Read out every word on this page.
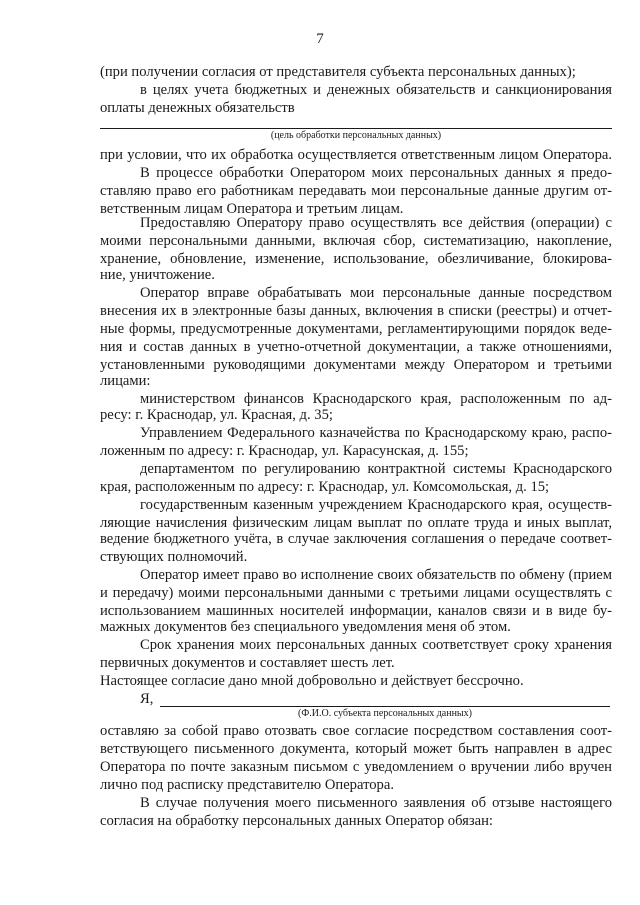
7
(при получении согласия от представителя субъекта персональных данных);
в целях учета бюджетных и денежных обязательств и санкционирования
оплаты денежных обязательств
(цель обработки персональных данных)
при условии, что их обработка осуществляется ответственным лицом Оператора.
В процессе обработки Оператором моих персональных данных я предо-
ставляю право его работникам передавать мои персональные данные другим от-
ветственным лицам Оператора и третьим лицам.
Предоставляю Оператору право осуществлять все действия (операции) с
моими персональными данными, включая сбор, систематизацию, накопление,
хранение, обновление, изменение, использование, обезличивание, блокирова-
ние, уничтожение.
Оператор вправе обрабатывать мои персональные данные посредством
внесения их в электронные базы данных, включения в списки (реестры) и отчет-
ные формы, предусмотренные документами, регламентирующими порядок веде-
ния и состав данных в учетно-отчетной документации, а также отношениями,
установленными руководящими документами между Оператором и третьими
лицами:
министерством финансов Краснодарского края, расположенным по ад-
ресу: г. Краснодар, ул. Красная, д. 35;
Управлением Федерального казначейства по Краснодарскому краю, распо-
ложенным по адресу: г. Краснодар, ул. Карасунская, д. 155;
департаментом по регулированию контрактной системы Краснодарского
края, расположенным по адресу: г. Краснодар, ул. Комсомольская, д. 15;
государственным казенным учреждением Краснодарского края, осуществ-
ляющие начисления физическим лицам выплат по оплате труда и иных выплат,
ведение бюджетного учёта, в случае заключения соглашения о передаче соответ-
ствующих полномочий.
Оператор имеет право во исполнение своих обязательств по обмену (прием
и передачу) моими персональными данными с третьими лицами осуществлять с
использованием машинных носителей информации, каналов связи и в виде бу-
мажных документов без специального уведомления меня об этом.
Срок хранения моих персональных данных соответствует сроку хранения
первичных документов и составляет шесть лет.
Настоящее согласие дано мной добровольно и действует бессрочно.
Я,
(Ф.И.О. субъекта персональных данных)
оставляю за собой право отозвать свое согласие посредством составления соот-
ветствующего письменного документа, который может быть направлен в адрес
Оператора по почте заказным письмом с уведомлением о вручении либо вручен
лично под расписку представителю Оператора.
В случае получения моего письменного заявления об отзыве настоящего
согласия на обработку персональных данных Оператор обязан:
